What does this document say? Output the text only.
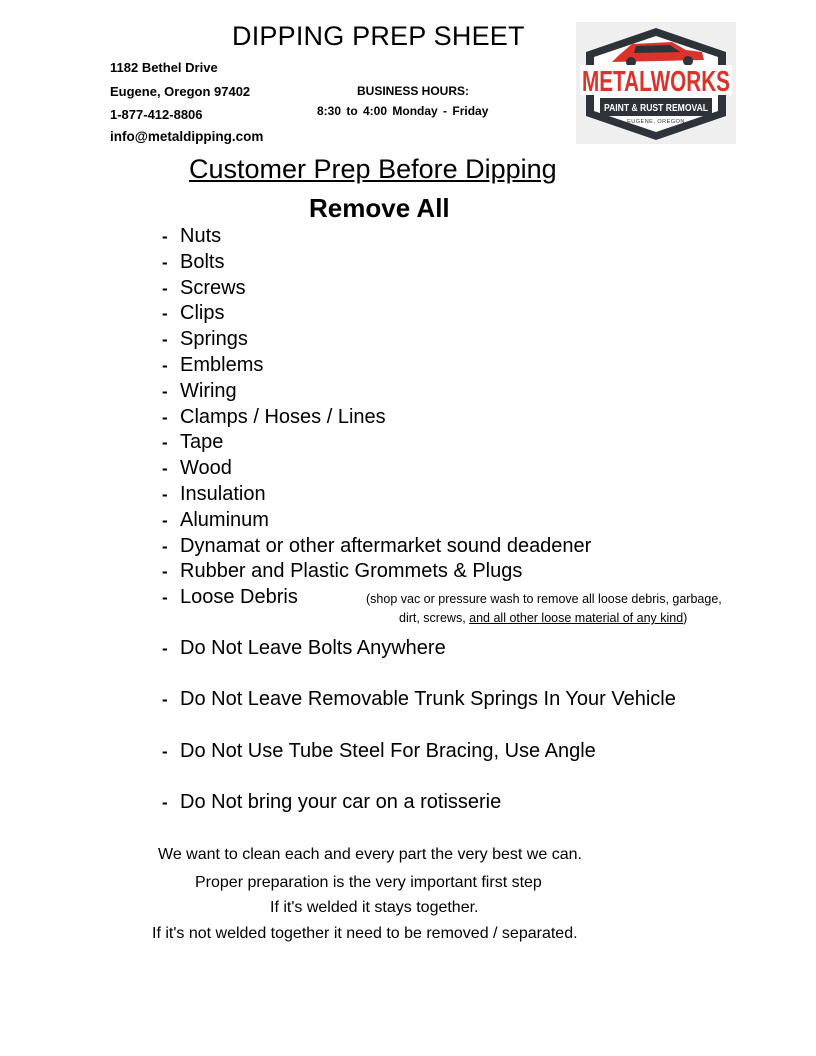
DIPPING PREP SHEET
1182 Bethel Drive
Eugene, Oregon 97402
1-877-412-8806
info@metaldipping.com
BUSINESS HOURS:
8:30 to 4:00 Monday - Friday
METALWORKS
PAINT & RUST REMOVAL
EUGENE, OREGON
Customer Prep Before Dipping
Remove All
- Nuts
- Bolts
- Screws
- Clips
- Springs
- Emblems
- Wiring
- Clamps / Hoses / Lines
- Tape
- Wood
- Insulation
- Aluminum
- Dynamat or other aftermarket sound deadener
- Rubber and Plastic Grommets & Plugs
- Loose Debris	(shop vac or pressure wash to remove all loose debris, garbage,
dirt, screws, and all other loose material of any kind)
- Do Not Leave Bolts Anywhere
- Do Not Leave Removable Trunk Springs In Your Vehicle
- Do Not Use Tube Steel For Bracing, Use Angle
- Do Not bring your car on a rotisserie
We want to clean each and every part the very best we can.
Proper preparation is the very important first step
If it's welded it stays together.
If it's not welded together it need to be removed / separated.
